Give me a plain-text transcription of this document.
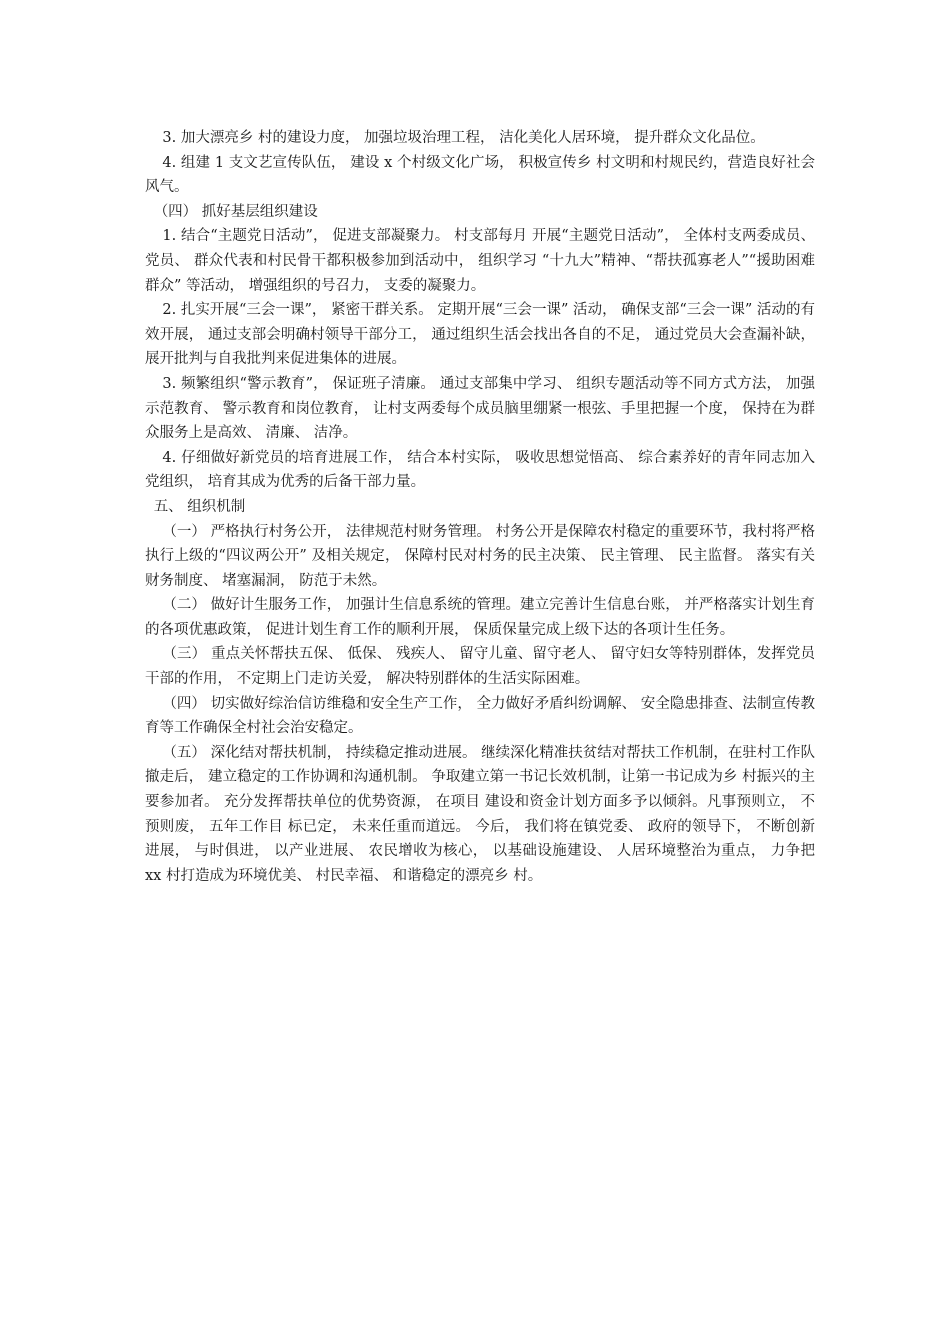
3. 加大漂亮乡 村的建设力度， 加强垃圾治理工程， 洁化美化人居环境， 提升群众文化品位。

4. 组建 1 支文艺宣传队伍， 建设 x 个村级文化广场， 积极宣传乡 村文明和村规民约，营造良好社会风气。

（四） 抓好基层组织建设

1. 结合“主题党日活动”， 促进支部凝聚力。 村支部每月 开展“主题党日活动”， 全体村支两委成员、 党员、 群众代表和村民骨干都积极参加到活动中， 组织学习 “十九大”精神、“帮扶孤寡老人”“援助困难群众” 等活动， 增强组织的号召力， 支委的凝聚力。

2. 扎实开展“三会一课”， 紧密干群关系。 定期开展“三会一课” 活动， 确保支部“三会一课” 活动的有效开展， 通过支部会明确村领导干部分工， 通过组织生活会找出各自的不足， 通过党员大会查漏补缺， 展开批判与自我批判来促进集体的进展。

3. 频繁组织“警示教育”， 保证班子清廉。 通过支部集中学习、 组织专题活动等不同方式方法， 加强示范教育、 警示教育和岗位教育， 让村支两委每个成员脑里绷紧一根弦、手里把握一个度， 保持在为群众服务上是高效、 清廉、 洁净。

4. 仔细做好新党员的培育进展工作， 结合本村实际， 吸收思想觉悟高、 综合素养好的青年同志加入党组织， 培育其成为优秀的后备干部力量。

五、 组织机制

（一） 严格执行村务公开， 法律规范村财务管理。 村务公开是保障农村稳定的重要环节，我村将严格执行上级的“四议两公开” 及相关规定， 保障村民对村务的民主决策、 民主管理、 民主监督。 落实有关财务制度、 堵塞漏洞， 防范于未然。

（二） 做好计生服务工作， 加强计生信息系统的管理。建立完善计生信息台账， 并严格落实计划生育的各项优惠政策， 促进计划生育工作的顺利开展， 保质保量完成上级下达的各项计生任务。

（三） 重点关怀帮扶五保、 低保、 残疾人、 留守儿童、留守老人、 留守妇女等特别群体，发挥党员干部的作用， 不定期上门走访关爱， 解决特别群体的生活实际困难。

（四） 切实做好综治信访维稳和安全生产工作， 全力做好矛盾纠纷调解、 安全隐患排查、法制宣传教育等工作确保全村社会治安稳定。

（五） 深化结对帮扶机制， 持续稳定推动进展。 继续深化精准扶贫结对帮扶工作机制，在驻村工作队撤走后， 建立稳定的工作协调和沟通机制。 争取建立第一书记长效机制，让第一书记成为乡 村振兴的主要参加者。 充分发挥帮扶单位的优势资源， 在项目 建设和资金计划方面多予以倾斜。凡事预则立， 不预则废， 五年工作目 标已定， 未来任重而道远。 今后， 我们将在镇党委、 政府的领导下， 不断创新进展， 与时俱进， 以产业进展、 农民增收为核心， 以基础设施建设、 人居环境整治为重点， 力争把 xx 村打造成为环境优美、 村民幸福、 和谐稳定的漂亮乡 村。
